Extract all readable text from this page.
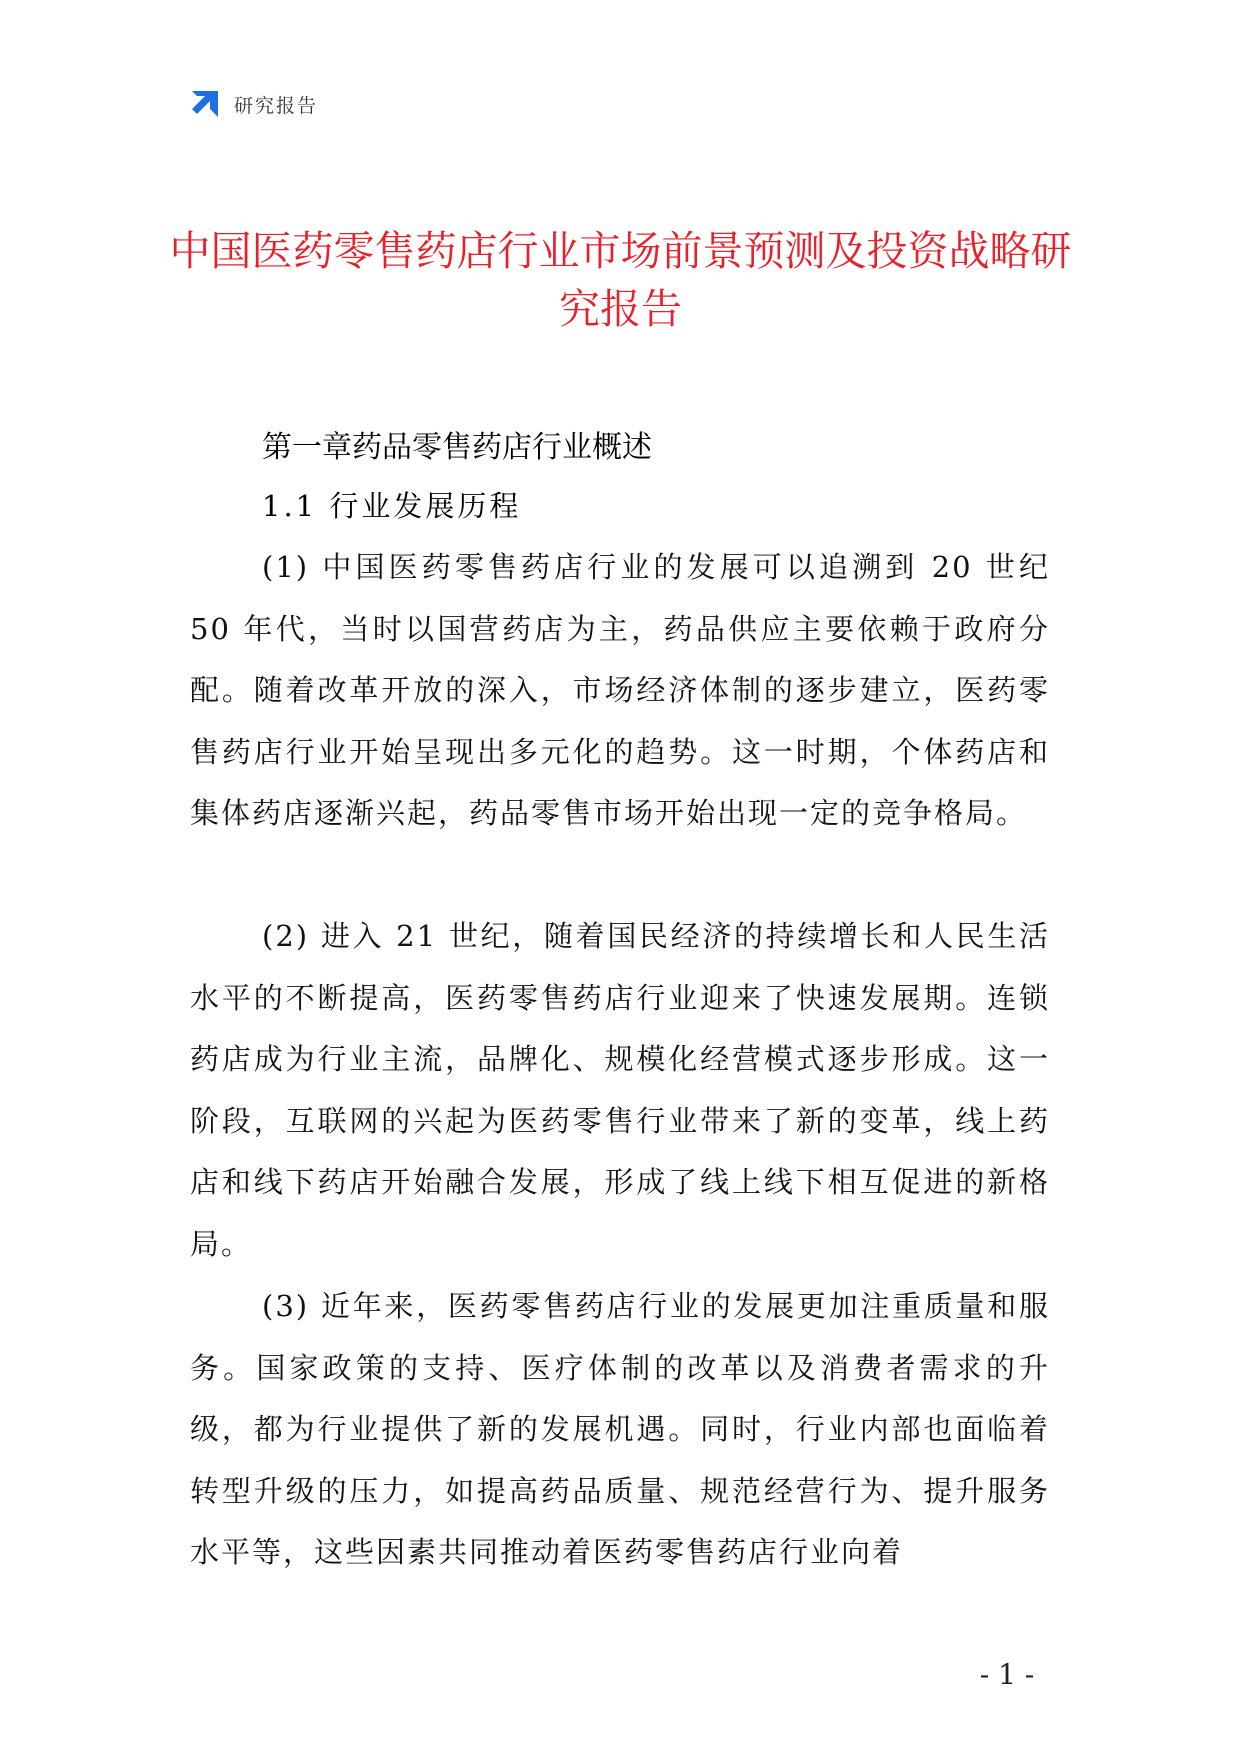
研究报告
中国医药零售药店行业市场前景预测及投资战略研究报告
第一章药品零售药店行业概述
1.1 行业发展历程

(1) 中国医药零售药店行业的发展可以追溯到 20 世纪 50 年代，当时以国营药店为主，药品供应主要依赖于政府分配。随着改革开放的深入，市场经济体制的逐步建立，医药零售药店行业开始呈现出多元化的趋势。这一时期，个体药店和集体药店逐渐兴起，药品零售市场开始出现一定的竞争格局。

(2) 进入 21 世纪，随着国民经济的持续增长和人民生活水平的不断提高，医药零售药店行业迎来了快速发展期。连锁药店成为行业主流，品牌化、规模化经营模式逐步形成。这一阶段，互联网的兴起为医药零售行业带来了新的变革，线上药店和线下药店开始融合发展，形成了线上线下相互促进的新格局。

(3) 近年来，医药零售药店行业的发展更加注重质量和服务。国家政策的支持、医疗体制的改革以及消费者需求的升级，都为行业提供了新的发展机遇。同时，行业内部也面临着转型升级的压力，如提高药品质量、规范经营行为、提升服务水平等，这些因素共同推动着医药零售药店行业向着

- 1 -
